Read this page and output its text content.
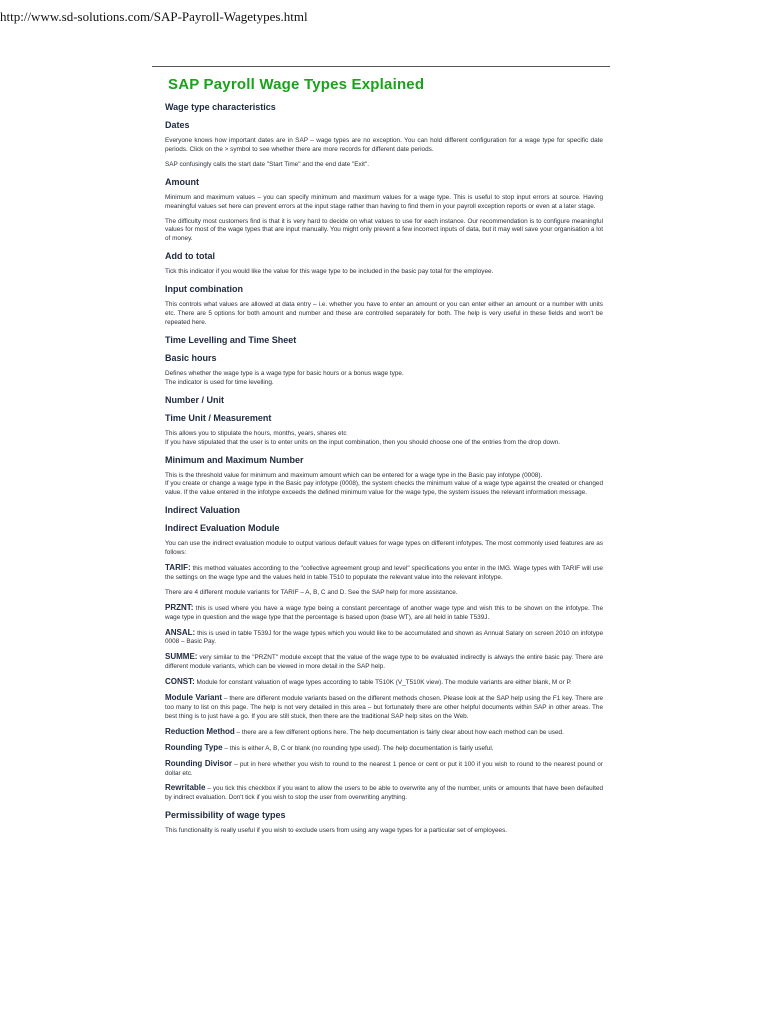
http://www.sd-solutions.com/SAP-Payroll-Wagetypes.html
SAP Payroll Wage Types Explained
Wage type characteristics
Dates
Everyone knows how important dates are in SAP – wage types are no exception. You can hold different configuration for a wage type for specific date periods. Click on the > symbol to see whether there are more records for different date periods.
SAP confusingly calls the start date "Start Time" and the end date "Exit".
Amount
Minimum and maximum values – you can specify minimum and maximum values for a wage type. This is useful to stop input errors at source. Having meaningful values set here can prevent errors at the input stage rather than having to find them in your payroll exception reports or even at a later stage.
The difficulty most customers find is that it is very hard to decide on what values to use for each instance. Our recommendation is to configure meaningful values for most of the wage types that are input manually. You might only prevent a few incorrect inputs of data, but it may well save your organisation a lot of money.
Add to total
Tick this indicator if you would like the value for this wage type to be included in the basic pay total for the employee.
Input combination
This controls what values are allowed at data entry – i.e. whether you have to enter an amount or you can enter either an amount or a number with units etc. There are 5 options for both amount and number and these are controlled separately for both. The help is very useful in these fields and won't be repeated here.
Time Levelling and Time Sheet
Basic hours
Defines whether the wage type is a wage type for basic hours or a bonus wage type.
The indicator is used for time levelling.
Number / Unit
Time Unit / Measurement
This allows you to stipulate the hours, months, years, shares etc
If you have stipulated that the user is to enter units on the input combination, then you should choose one of the entries from the drop down.
Minimum and Maximum Number
This is the threshold value for minimum and maximum amount which can be entered for a wage type in the Basic pay infotype (0008).
If you create or change a wage type in the Basic pay infotype (0008), the system checks the minimum value of a wage type against the created or changed value. If the value entered in the infotype exceeds the defined minimum value for the wage type, the system issues the relevant information message.
Indirect Valuation
Indirect Evaluation Module
You can use the indirect evaluation module to output various default values for wage types on different infotypes. The most commonly used features are as follows:
TARIF: this method valuates according to the "collective agreement group and level" specifications you enter in the IMG. Wage types with TARIF will use the settings on the wage type and the values held in table T510 to populate the relevant value into the relevant infotype.
There are 4 different module variants for TARIF – A, B, C and D. See the SAP help for more assistance.
PRZNT: this is used where you have a wage type being a constant percentage of another wage type and wish this to be shown on the infotype. The wage type in question and the wage type that the percentage is based upon (base WT), are all held in table T539J.
ANSAL: this is used in table T539J for the wage types which you would like to be accumulated and shown as Annual Salary on screen 2010 on infotype 0008 – Basic Pay.
SUMME: very similar to the "PRZNT" module except that the value of the wage type to be evaluated indirectly is always the entire basic pay. There are different module variants, which can be viewed in more detail in the SAP help.
CONST: Module for constant valuation of wage types according to table T510K (V_T510K view). The module variants are either blank, M or P.
Module Variant – there are different module variants based on the different methods chosen. Please look at the SAP help using the F1 key. There are too many to list on this page. The help is not very detailed in this area – but fortunately there are other helpful documents within SAP in other areas. The best thing is to just have a go. If you are still stuck, then there are the traditional SAP help sites on the Web.
Reduction Method – there are a few different options here. The help documentation is fairly clear about how each method can be used.
Rounding Type – this is either A, B, C or blank (no rounding type used). The help documentation is fairly useful.
Rounding Divisor – put in here whether you wish to round to the nearest 1 pence or cent or put it 100 if you wish to round to the nearest pound or dollar etc.
Rewritable – you tick this checkbox if you want to allow the users to be able to overwrite any of the number, units or amounts that have been defaulted by indirect evaluation. Don't tick if you wish to stop the user from overwriting anything.
Permissibility of wage types
This functionality is really useful if you wish to exclude users from using any wage types for a particular set of employees.
